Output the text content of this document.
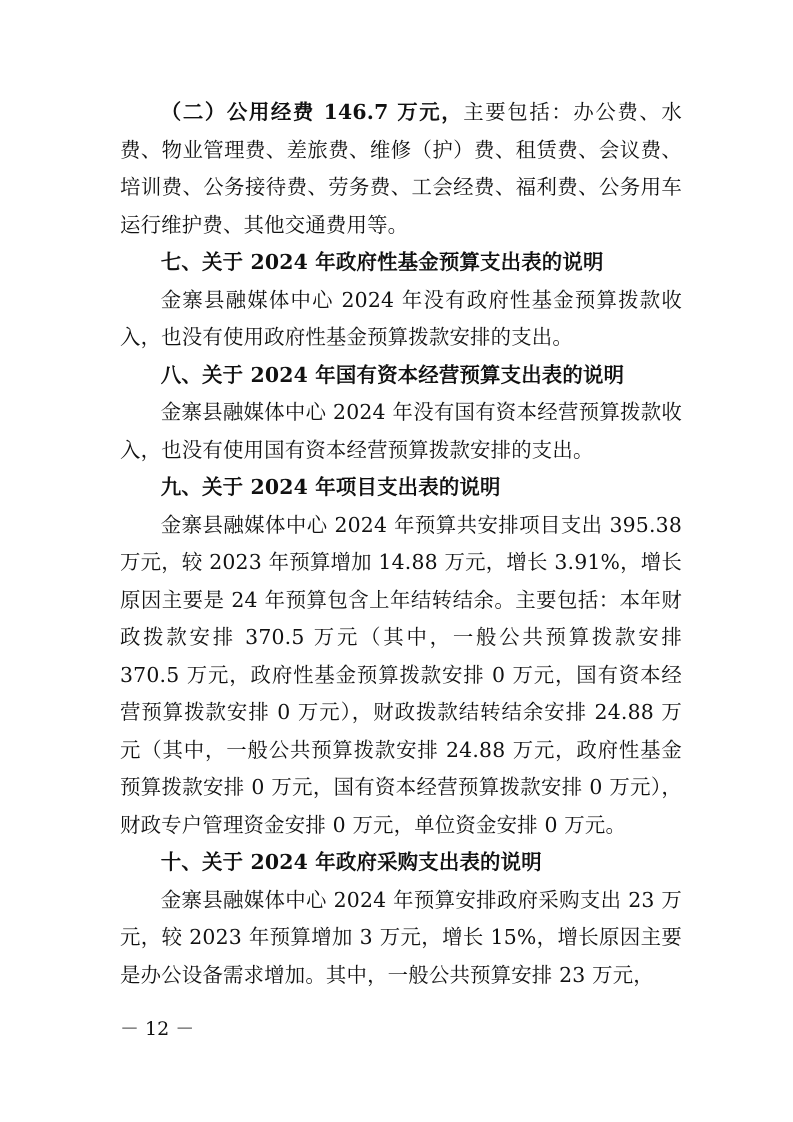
（二）公用经费 146.7 万元，主要包括：办公费、水费、物业管理费、差旅费、维修（护）费、租赁费、会议费、培训费、公务接待费、劳务费、工会经费、福利费、公务用车运行维护费、其他交通费用等。

七、关于 2024 年政府性基金预算支出表的说明

金寨县融媒体中心 2024 年没有政府性基金预算拨款收入，也没有使用政府性基金预算拨款安排的支出。

八、关于 2024 年国有资本经营预算支出表的说明

金寨县融媒体中心 2024 年没有国有资本经营预算拨款收入，也没有使用国有资本经营预算拨款安排的支出。

九、关于 2024 年项目支出表的说明

金寨县融媒体中心 2024 年预算共安排项目支出 395.38 万元，较 2023 年预算增加 14.88 万元，增长 3.91%，增长原因主要是 24 年预算包含上年结转结余。主要包括：本年财政拨款安排 370.5 万元（其中，一般公共预算拨款安排 370.5 万元，政府性基金预算拨款安排 0 万元，国有资本经营预算拨款安排 0 万元），财政拨款结转结余安排 24.88 万元（其中，一般公共预算拨款安排 24.88 万元，政府性基金预算拨款安排 0 万元，国有资本经营预算拨款安排 0 万元），财政专户管理资金安排 0 万元，单位资金安排 0 万元。

十、关于 2024 年政府采购支出表的说明

金寨县融媒体中心 2024 年预算安排政府采购支出 23 万元，较 2023 年预算增加 3 万元，增长 15%，增长原因主要是办公设备需求增加。其中，一般公共预算安排 23 万元，

－ 12 －
